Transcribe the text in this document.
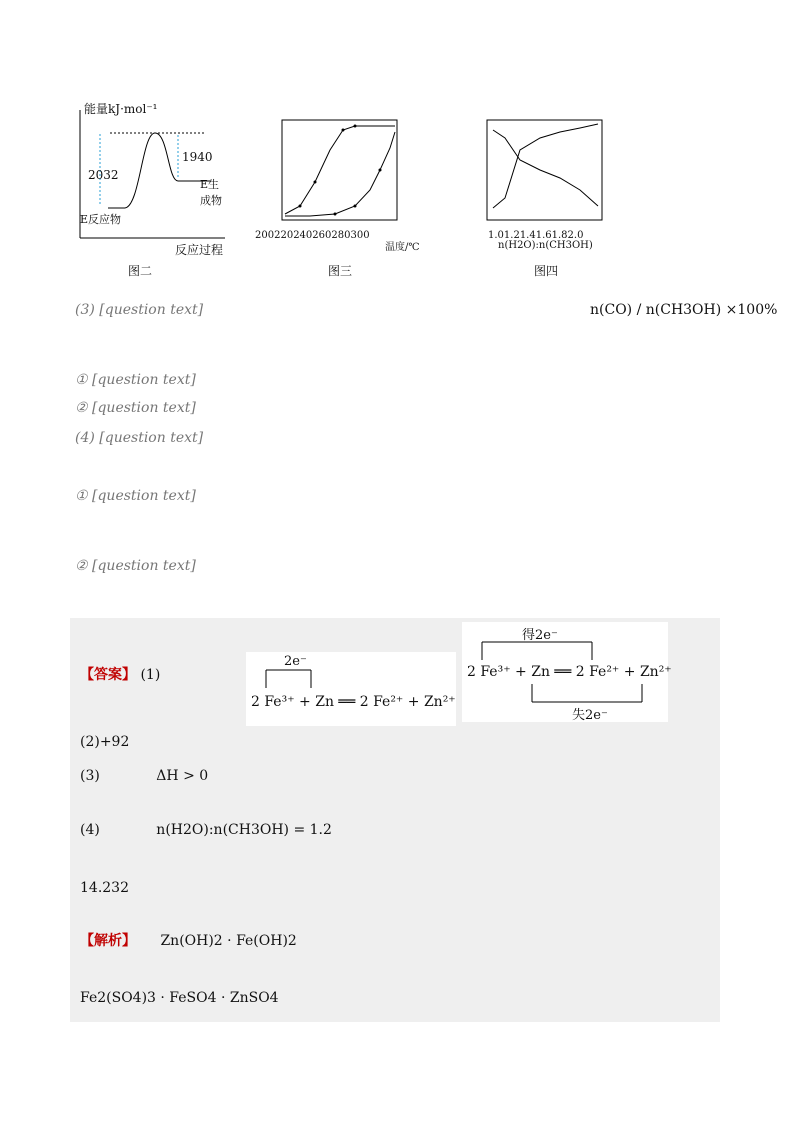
能量kJ·mol⁻¹
2032
1940
E反应物
E生成物
反应过程
图二
200220240260280300
温度/℃
图三
1.01.21.41.61.82.0
n(H2O):n(CH3OH)
图四
(3) [question text]	n(CO) / n(CH3OH) ×100%
① [question text]
② [question text]
(4) [question text]
① [question text]
② [question text]
【答案】 (1)
2e⁻
2 Fe³⁺ + Zn ══ 2 Fe²⁺ + Zn²⁺
得2e⁻
2 Fe³⁺ + Zn ══ 2 Fe²⁺ + Zn²⁺
失2e⁻
(2)+92
(3)	ΔH > 0
(4)	n(H2O):n(CH3OH) = 1.2
14.232
【解析】 Zn(OH)2 · Fe(OH)2
Fe2(SO4)3 · FeSO4 · ZnSO4
